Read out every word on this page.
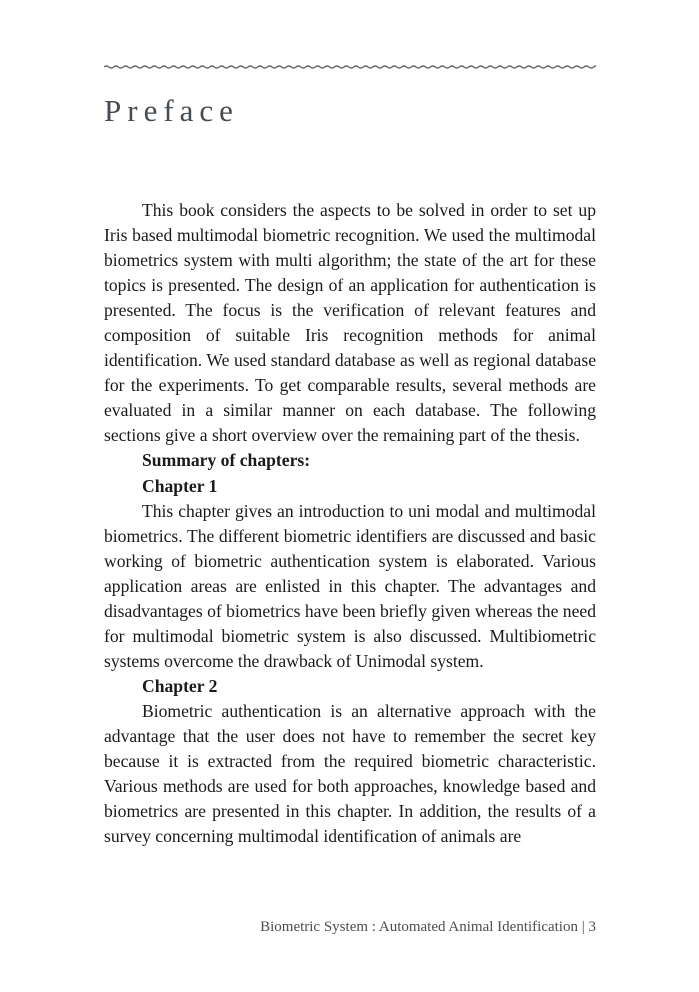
Preface

This book considers the aspects to be solved in order to set up Iris based multimodal biometric recognition. We used the multimodal biometrics system with multi algorithm; the state of the art for these topics is presented. The design of an application for authentication is presented. The focus is the verification of relevant features and composition of suitable Iris recognition methods for animal identification. We used standard database as well as regional database for the experiments. To get comparable results, several methods are evaluated in a similar manner on each database. The following sections give a short overview over the remaining part of the thesis.

Summary of chapters:
Chapter 1

This chapter gives an introduction to uni modal and multimodal biometrics. The different biometric identifiers are discussed and basic working of biometric authentication system is elaborated. Various application areas are enlisted in this chapter. The advantages and disadvantages of biometrics have been briefly given whereas the need for multimodal biometric system is also discussed. Multibiometric systems overcome the drawback of Unimodal system.

Chapter 2

Biometric authentication is an alternative approach with the advantage that the user does not have to remember the secret key because it is extracted from the required biometric characteristic. Various methods are used for both approaches, knowledge based and biometrics are presented in this chapter. In addition, the results of a survey concerning multimodal identification of animals are

Biometric System : Automated Animal Identification | 3
